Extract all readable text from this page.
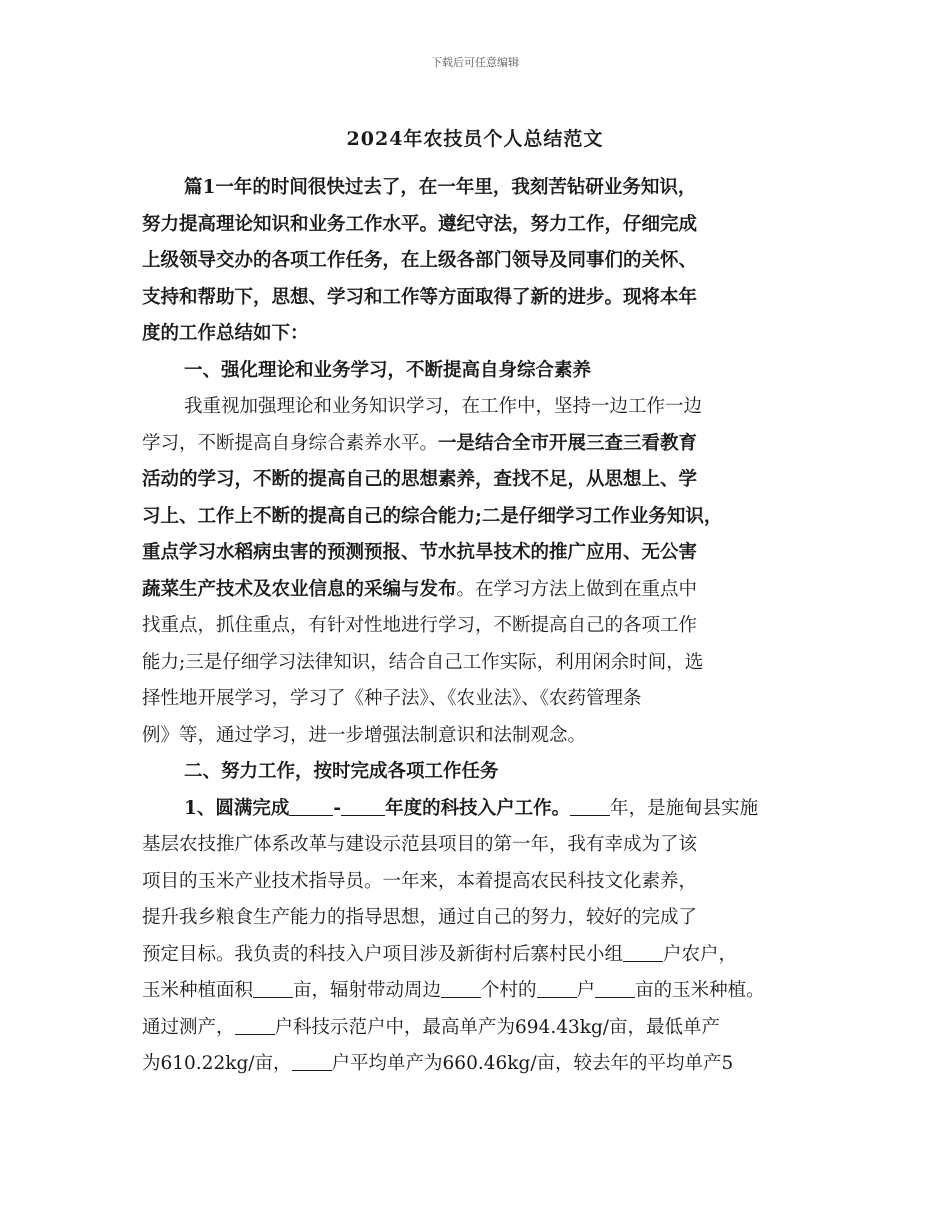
下载后可任意编辑
2024年农技员个人总结范文
篇1一年的时间很快过去了，在一年里，我刻苦钻研业务知识，
努力提高理论知识和业务工作水平。遵纪守法，努力工作，仔细完成
上级领导交办的各项工作任务，在上级各部门领导及同事们的关怀、
支持和帮助下，思想、学习和工作等方面取得了新的进步。现将本年
度的工作总结如下：
一、强化理论和业务学习，不断提高自身综合素养
我重视加强理论和业务知识学习，在工作中，坚持一边工作一边
学习，不断提高自身综合素养水平。一是结合全市开展三查三看教育
活动的学习，不断的提高自己的思想素养，查找不足，从思想上、学
习上、工作上不断的提高自己的综合能力;二是仔细学习工作业务知识，
重点学习水稻病虫害的预测预报、节水抗旱技术的推广应用、无公害
蔬菜生产技术及农业信息的采编与发布。在学习方法上做到在重点中
找重点，抓住重点，有针对性地进行学习，不断提高自己的各项工作
能力;三是仔细学习法律知识，结合自己工作实际，利用闲余时间，选
择性地开展学习，学习了《种子法》、《农业法》、《农药管理条
例》等，通过学习，进一步增强法制意识和法制观念。
二、努力工作，按时完成各项工作任务
1、圆满完成 - 年度的科技入户工作。 年，是施甸县实施
基层农技推广体系改革与建设示范县项目的第一年，我有幸成为了该
项目的玉米产业技术指导员。一年来，本着提高农民科技文化素养，
提升我乡粮食生产能力的指导思想，通过自己的努力，较好的完成了
预定目标。我负责的科技入户项目涉及新街村后寨村民小组 户农户，
玉米种植面积 亩，辐射带动周边 个村的 户 亩的玉米种植。
通过测产， 户科技示范户中，最高单产为694.43kg/亩，最低单产
为610.22kg/亩， 户平均单产为660.46kg/亩，较去年的平均单产5
